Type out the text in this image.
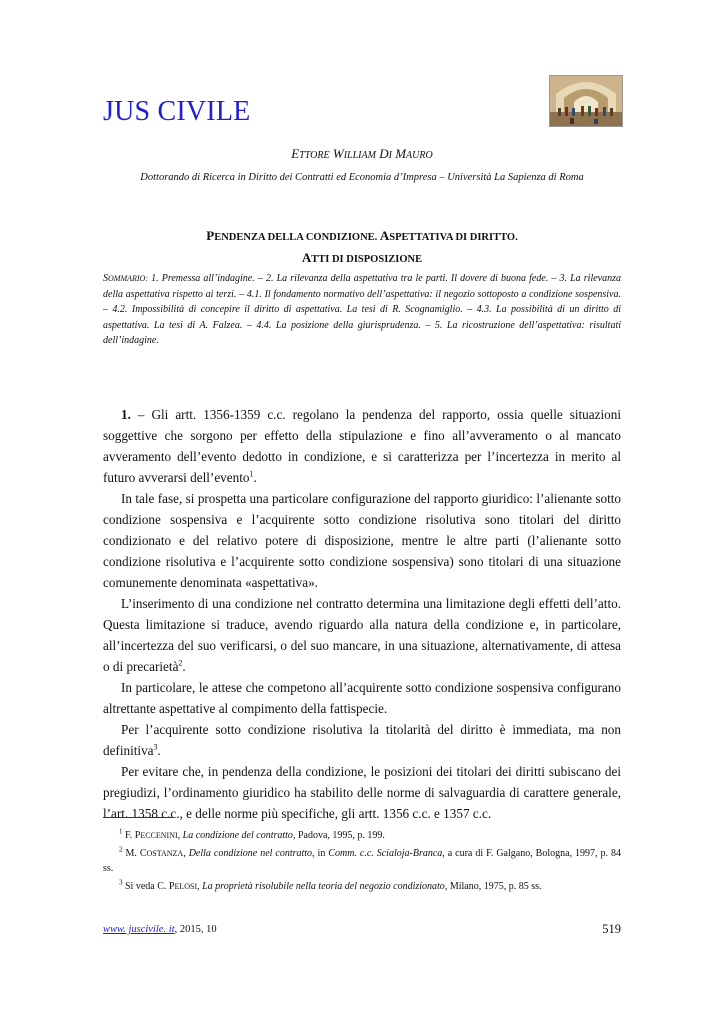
JUS CIVILE
ETTORE WILLIAM DI MAURO
Dottorando di Ricerca in Diritto dei Contratti ed Economia d’Impresa – Università La Sapienza di Roma
PENDENZA DELLA CONDIZIONE. ASPETTATIVA DI DIRITTO.
ATTI DI DISPOSIZIONE
SOMMARIO: 1. Premessa all’indagine. – 2. La rilevanza della aspettativa tra le parti. Il dovere di buona fede. – 3. La rilevanza della aspettativa rispetto ai terzi. – 4.1. Il fondamento normativo dell’aspettativa: il negozio sottoposto a condizione sospensiva. – 4.2. Impossibilità di concepire il diritto di aspettativa. La tesi di R. Scognamiglio. – 4.3. La possibilità di un diritto di aspettativa. La tesi di A. Falzea. – 4.4. La posizione della giurisprudenza. – 5. La ricostruzione dell’aspettativa: risultati dell’indagine.

1. – Gli artt. 1356-1359 c.c. regolano la pendenza del rapporto, ossia quelle situazioni soggettive che sorgono per effetto della stipulazione e fino all’avveramento o al mancato avveramento dell’evento dedotto in condizione, e si caratterizza per l’incertezza in merito al futuro avverarsi dell’evento$^1$.

In tale fase, si prospetta una particolare configurazione del rapporto giuridico: l’alienante sotto condizione sospensiva e l’acquirente sotto condizione risolutiva sono titolari del diritto condizionato e del relativo potere di disposizione, mentre le altre parti (l’alienante sotto condizione risolutiva e l’acquirente sotto condizione sospensiva) sono titolari di una situazione comunemente denominata «aspettativa».

L’inserimento di una condizione nel contratto determina una limitazione degli effetti dell’atto. Questa limitazione si traduce, avendo riguardo alla natura della condizione e, in particolare, all’incertezza del suo verificarsi, o del suo mancare, in una situazione, alternativamente, di attesa o di precarietà$^2$.

In particolare, le attese che competono all’acquirente sotto condizione sospensiva configurano altrettante aspettative al compimento della fattispecie.

Per l’acquirente sotto condizione risolutiva la titolarità del diritto è immediata, ma non definitiva$^3$.

Per evitare che, in pendenza della condizione, le posizioni dei titolari dei diritti subiscano dei pregiudizi, l’ordinamento giuridico ha stabilito delle norme di salvaguardia di carattere generale, l’art. 1358 c.c., e delle norme più specifiche, gli artt. 1356 c.c. e 1357 c.c.

$^1$ F. PECCENINI, La condizione del contratto, Padova, 1995, p. 199.

$^2$ M. COSTANZA, Della condizione nel contratto, in Comm. c.c. Scialoja-Branca, a cura di F. Galgano, Bologna, 1997, p. 84 ss.

$^3$ Si veda C. PELOSI, La proprietà risolubile nella teoria del negozio condizionato, Milano, 1975, p. 85 ss.

www. juscivile. it, 2015, 10	519
